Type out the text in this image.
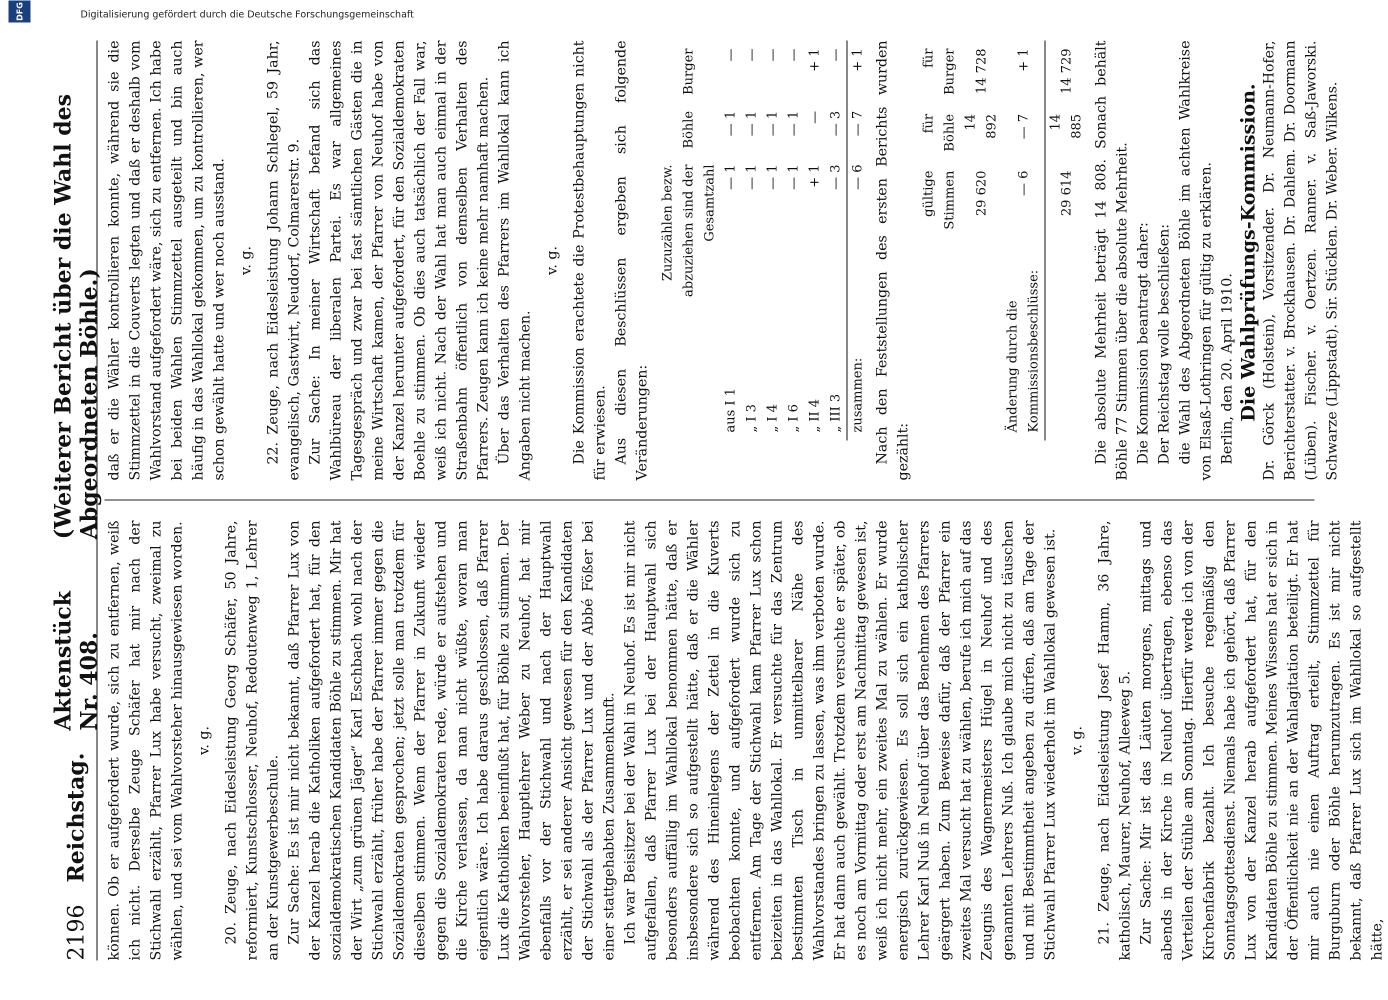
2196
Reichstag.
Aktenstück Nr. 408.
(Weiterer Bericht über die Wahl des Abgeordneten Böhle.)

können. Ob er aufgefordert wurde, sich zu entfernen, weiß ich nicht. Derselbe Zeuge Schäfer hat mir nach der Stichwahl erzählt, Pfarrer Lux habe versucht, zweimal zu wählen, und sei vom Wahlvorsteher hinausgewiesen worden. v. g. 20. Zeuge, nach Eidesleistung Georg Schäfer, 50 Jahre, reformiert, Kunstschlosser, Neuhof, Redoutenweg 1, Lehrer an der Kunstgewerbeschule. Zur Sache: Es ist mir nicht bekannt, daß Pfarrer Lux von der Kanzel herab die Katholiken aufgefordert hat, für den sozialdemokratischen Kandidaten Böhle zu stimmen. Mir hat der Wirt „zum grünen Jäger“ Karl Eschbach wohl nach der Stichwahl erzählt, früher habe der Pfarrer immer gegen die Sozialdemokraten gesprochen; jetzt solle man trotzdem für dieselben stimmen. Wenn der Pfarrer in Zukunft wieder gegen die Sozialdemokraten rede, würde er aufstehen und die Kirche verlassen, da man nicht wüßte, woran man eigentlich wäre. Ich habe daraus geschlossen, daß Pfarrer Lux die Katholiken beeinflußt hat, für Böhle zu stimmen. Der Wahlvorsteher, Hauptlehrer Weber zu Neuhof, hat mir ebenfalls vor der Stichwahl und nach der Hauptwahl erzählt, er sei anderer Ansicht gewesen für den Kandidaten der Stichwahl als der Pfarrer Lux und der Abbé Fößer bei einer stattgehabten Zusammenkunft. Ich war Beisitzer bei der Wahl in Neuhof. Es ist mir nicht aufgefallen, daß Pfarrer Lux bei der Hauptwahl sich besonders auffällig im Wahllokal benommen hätte, daß er insbesondere sich so aufgestellt hätte, daß er die Wähler während des Hineinlegens der Zettel in die Kuverts beobachten konnte, und aufgefordert wurde sich zu entfernen. Am Tage der Stichwahl kam Pfarrer Lux schon beizeiten in das Wahllokal. Er versuchte für das Zentrum bestimmten Tisch in unmittelbarer Nähe des Wahlvorstandes bringen zu lassen, was ihm verboten wurde. Er hat dann auch gewählt. Trotzdem versuchte er später, ob es noch am Vormittag oder erst am Nachmittag gewesen ist, weiß ich nicht mehr, ein zweites Mal zu wählen. Er wurde energisch zurückgewiesen. Es soll sich ein katholischer Lehrer Karl Nuß in Neuhof über das Benehmen des Pfarrers geärgert haben. Zum Beweise dafür, daß der Pfarrer ein zweites Mal versucht hat zu wählen, berufe ich mich auf das Zeugnis des Wagnermeisters Hügel in Neuhof und des genannten Lehrers Nuß. Ich glaube mich nicht zu täuschen und mit Bestimmtheit angeben zu dürfen, daß am Tage der Stichwahl Pfarrer Lux wiederholt im Wahllokal gewesen ist. v. g. 21. Zeuge, nach Eidesleistung Josef Hamm, 36 Jahre, katholisch, Maurer, Neuhof, Alleeweg 5. Zur Sache: Mir ist das Läuten morgens, mittags und abends in der Kirche in Neuhof übertragen, ebenso das Verteilen der Stühle am Sonntag. Hierfür werde ich von der Kirchenfabrik bezahlt. Ich besuche regelmäßig den Sonntagsgottesdienst. Niemals habe ich gehört, daß Pfarrer Lux von der Kanzel herab aufgefordert hat, für den Kandidaten Böhle zu stimmen. Meines Wissens hat er sich in der Öffentlichkeit nie an der Wahlagitation beteiligt. Er hat mir auch nie einen Auftrag erteilt, Stimmzettel für Burguburn oder Böhle herumzutragen. Es ist mir nicht bekannt, daß Pfarrer Lux sich im Wahllokal so aufgestellt hätte,

daß er die Wähler kontrollieren konnte, während sie die Stimmzettel in die Couverts legten und daß er deshalb vom Wahlvorstand aufgefordert wäre, sich zu entfernen. Ich habe bei beiden Wahlen Stimmzettel ausgeteilt und bin auch häufig in das Wahllokal gekommen, um zu kontrollieren, wer schon gewählt hatte und wer noch ausstand. v. g. 22. Zeuge, nach Eidesleistung Johann Schlegel, 59 Jahr, evangelisch, Gastwirt, Neudorf, Colmarerstr. 9. Zur Sache: In meiner Wirtschaft befand sich das Wahlbüreau der liberalen Partei. Es war allgemeines Tagesgespräch und zwar bei fast sämtlichen Gästen die in meine Wirtschaft kamen, der Pfarrer von Neuhof habe von der Kanzel herunter aufgefordert, für den Sozialdemokraten Boehle zu stimmen. Ob dies auch tatsächlich der Fall war, weiß ich nicht. Nach der Wahl hat man auch einmal in der Straßenbahn öffentlich von demselben Verhalten des Pfarrers. Zeugen kann ich keine mehr namhaft machen. Über das Verhalten des Pfarrers im Wahllokal kann ich Angaben nicht machen.

v. g. Die Kommission erachtete die Protestbehauptungen nicht für erwiesen. Aus diesen Beschlüssen ergeben sich folgende Veränderungen:

	Zuzuzählen bezw. abzuziehen sind der Gesamtzahl	Böhle	Burger
aus I 1	— 1	— 1	—
„ I 3	— 1	— 1	—
„ I 4	— 1	— 1	—
„ I 6	— 1	— 1	—
„ II 4	+ 1	—	+ 1
„ III 3	— 3	— 3	—
zusammen:	— 6	— 7	+ 1 Nach den Feststellungen des ersten Berichts wurden gezählt:

	gültige Stimmen	für Böhle	für Burger
	29 620	14 892	14 728
Änderung durch die Kommissionsbeschlüsse:	— 6	— 7	+ 1
	29 614	14 885	14 729 Die absolute Mehrheit beträgt 14 808. Sonach behält Böhle 77 Stimmen über die absolute Mehrheit. Die Kommission beantragt daher: Der Reichstag wolle beschließen: die Wahl des Abgeordneten Böhle im achten Wahlkreise von Elsaß-Lothringen für gültig zu erklären. Berlin, den 20. April 1910. Die Wahlprüfungs-Kommission. Dr. Görck (Holstein), Vorsitzender. Dr. Neumann-Hofer, Berichterstatter. v. Brockhausen. Dr. Dahlem. Dr. Doormann (Lüben). Fischer. v. Oertzen. Ranner. v. Saß-Jaworski. Schwarze (Lippstadt). Sir. Stücklen. Dr. Weber. Wilkens.

Digitalisierung gefördert durch die Deutsche Forschungsgemeinschaft
DFG
